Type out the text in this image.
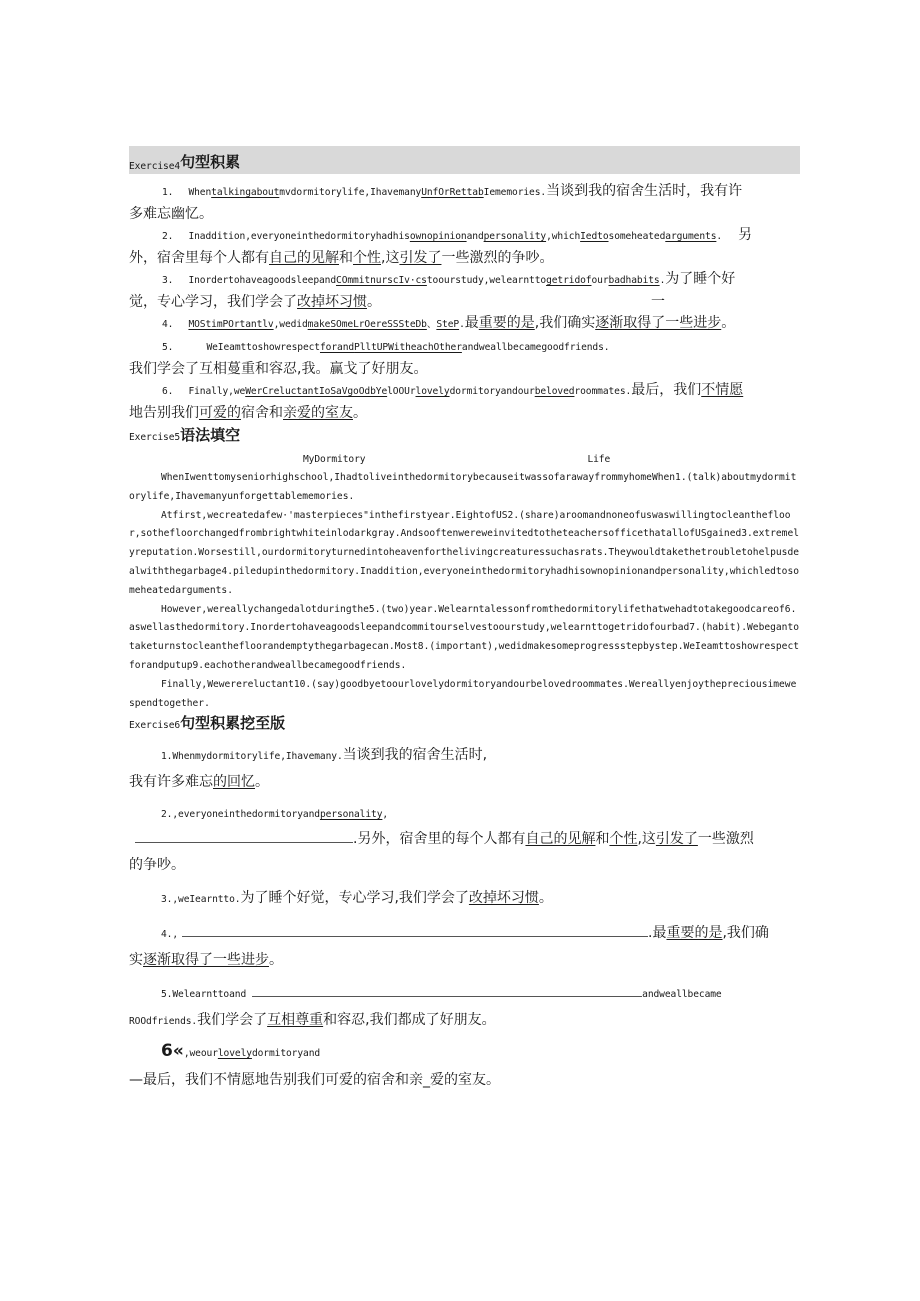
Exercise4 句型积累
1. Whentalkingaboutmvdormitorylife,IhavemanyUnfOrRettabIememories.当谈到我的宿舍生活时，我有许
多难忘幽忆。
2. Inaddition,everyoneinthedormitoryhadhisownopinionandpersonality,whichIedtosomeheatedarguments. 另
外，宿舍里每个人都有自己的见解和个性,这引发了一些激烈的争吵。
3. InordertohaveagoodsleepandCOmmitnurscIv·cstoourstudy,welearnttogetridofourbadhabits.为了睡个好
觉，专心学习，我们学会了改掉坏习惯。	一
4. MOStimPOrtantlv,wedidmakeSOmeLrOereSSSteDb、SteP.最重要的是,我们确实逐渐取得了一些进步。
5.	WeIeamttoshowrespectforandPlltUPWitheachOtherandweallbecamegoodfriends.
我们学会了互相蔓重和容忍,我。赢戈了好朋友。
6. Finally,weWerCreluctantIoSaVgoOdbYelOOUrlovelydormitoryandourbelovedroommates.最后，我们不情愿
地告别我们可爱的宿舍和亲爱的室友。
Exercise5语法填空
MyDormitory	Life

WhenIwenttomyseniorhighschool,IhadtoliveinthedormitorybecauseitwassofarawayfrommyhomeWhen1.(talk)aboutmydormitorylife,Ihavemanyunforgettablememories.

Atfirst,wecreatedafew·'masterpieces"inthefirstyear.EightofUS2.(share)aroomandnoneofuswaswillingtocleanthefloor,sothefloorchangedfrombrightwhiteinlodarkgray.AndsooftenwereweinvitedtotheteachersofficethatallofUSgained3.extremelyreputation.Worsestill,ourdormitoryturnedintoheavenforthelivingcreaturessuchasrats.Theywouldtakethetroubletohelpusdealwiththegarbage4.piledupinthedormitory.Inaddition,everyoneinthedormitoryhadhisownopinionandpersonality,whichledtosomeheatedarguments.

However,wereallychangedalotduringthe5.(two)year.Welearntalessonfromthedormitorylifethatwehadtotakegoodcareof6.aswellasthedormitory.Inordertohaveagoodsleepandcommitourselvestoourstudy,welearnttogetridofourbad7.(habit).Webegantotaketurnstocleanthefloorandemptythegarbagecan.Most8.(important),wedidmakesomeprogressstepbystep.WeIeamttoshowrespectforandputup9.eachotherandweallbecamegoodfriends.

Finally,Wewerereluctant10.(say)goodbyetoourlovelydormitoryandourbelovedroommates.Wereallyenjoythepreciousimewespendtogether.

Exercise6句型积累挖至版
1.Whenmydormitorylife,Ihavemany.当谈到我的宿舍生活时,
我有许多难忘的回忆。
2.,everyoneinthedormitoryandpersonality,
.另外，宿舍里的每个人都有自己的见解和个性,这引发了一些激烈
的争吵。
3.,weIearntto.为了睡个好觉，专心学习,我们学会了改掉坏习惯。
4.,	.最重要的是,我们确
实逐渐取得了一些进步。
5.Welearnttoand	andweallbecame
ROOdfriends.我们学会了互相尊重和容忍,我们都成了好朋友。
6«,weourlovelydormitoryand
—最后，我们不情愿地告别我们可爱的宿舍和亲_爱的室友。
